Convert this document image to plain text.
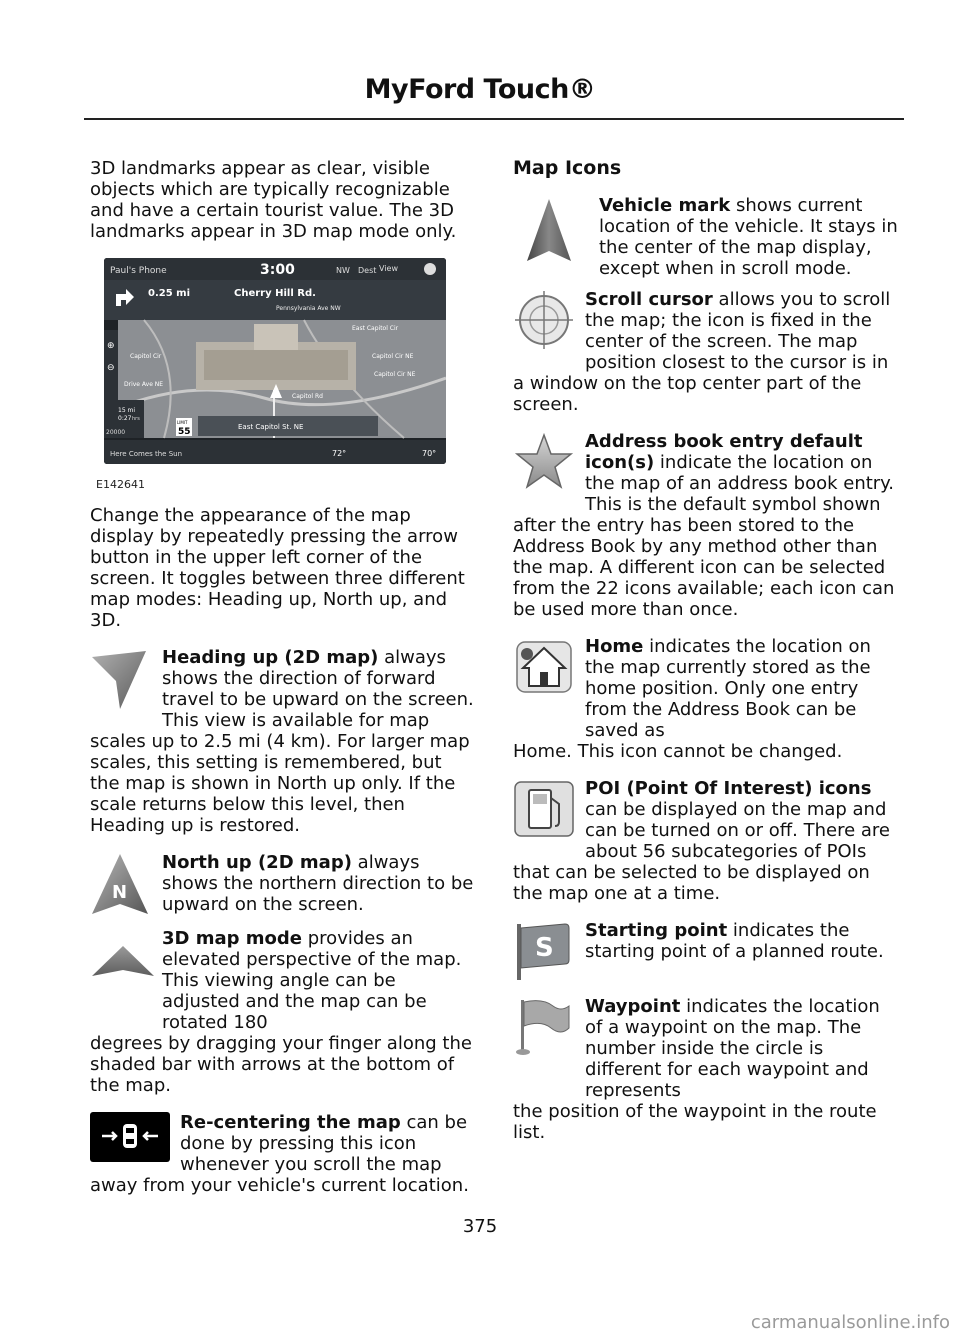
MyFord Touch®

3D landmarks appear as clear, visible objects which are typically recognizable and have a certain tourist value. The 3D landmarks appear in 3D map mode only.

Paul's Phone	3:00	NW Dest View
0.25 mi	Cherry Hill Rd.
Pennsylvania Ave NW
East Capitol Cir
Capitol Cir NE
Capitol Cir NE
Capitol Rd
Capitol Cir
Drive Ave NE
⊕
⊖
15 mi
0:27 hrs
20000
LIMIT
55	East Capitol St. NE
Here Comes the Sun	72°	70°
E142641

Change the appearance of the map display by repeatedly pressing the arrow button in the upper left corner of the screen. It toggles between three different map modes: Heading up, North up, and 3D.

Heading up (2D map) always shows the direction of forward travel to be upward on the screen. This view is available for map

scales up to 2.5 mi (4 km). For larger map scales, this setting is remembered, but the map is shown in North up only. If the scale returns below this level, then Heading up is restored.

N

North up (2D map) always shows the northern direction to be upward on the screen.

3D map mode provides an elevated perspective of the map. This viewing angle can be adjusted and the map can be rotated 180

degrees by dragging your finger along the shaded bar with arrows at the bottom of the map.

Re-centering the map can be done by pressing this icon whenever you scroll the map

away from your vehicle's current location.

Map Icons

Vehicle mark shows current location of the vehicle. It stays in the center of the map display, except when in scroll mode.

Scroll cursor allows you to scroll the map; the icon is fixed in the center of the screen. The map position closest to the cursor is in

a window on the top center part of the screen.

Address book entry default icon(s) indicate the location on the map of an address book entry. This is the default symbol shown

after the entry has been stored to the Address Book by any method other than the map. A different icon can be selected from the 22 icons available; each icon can be used more than once.

Home indicates the location on the map currently stored as the home position. Only one entry from the Address Book can be saved as

Home. This icon cannot be changed.

POI (Point Of Interest) icons can be displayed on the map and can be turned on or off. There are about 56 subcategories of POIs

that can be selected to be displayed on the map one at a time.

S

Starting point indicates the starting point of a planned route.

Waypoint indicates the location of a waypoint on the map. The number inside the circle is different for each waypoint and represents

the position of the waypoint in the route list.

375
carmanualsonline.info
